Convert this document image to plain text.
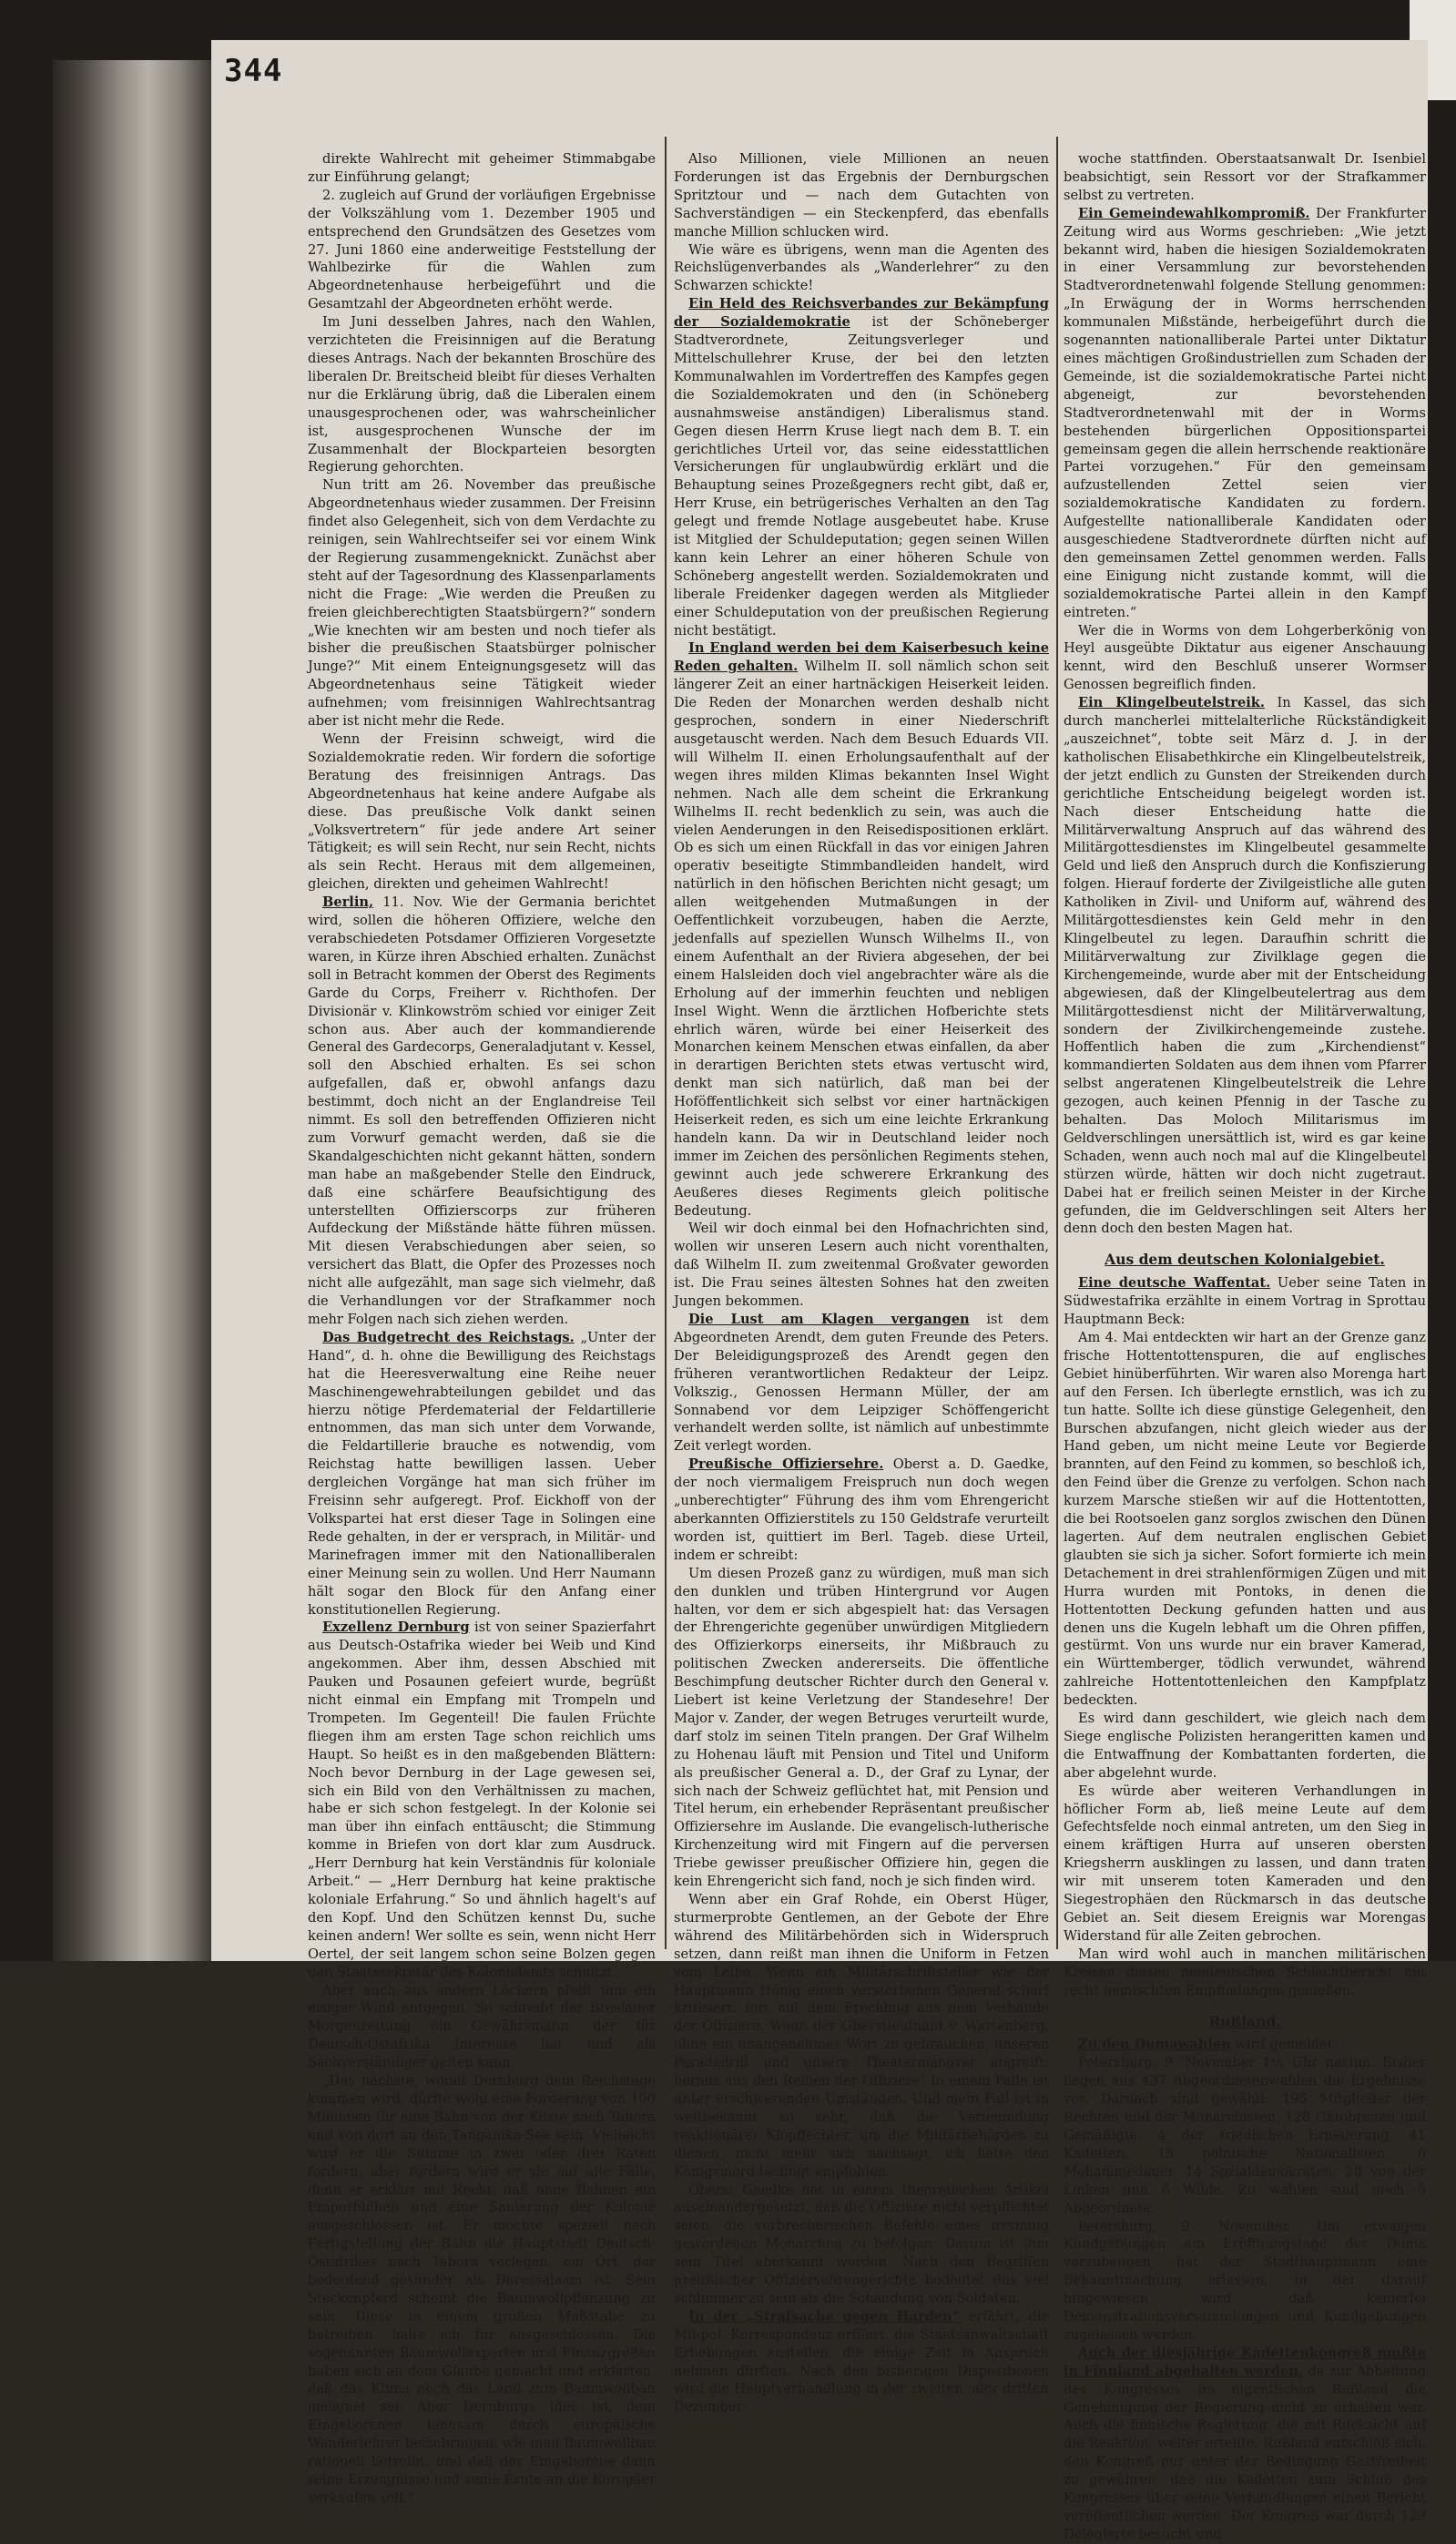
344

direkte Wahlrecht mit geheimer Stimmabgabe zur Einführung gelangt;

2. zugleich auf Grund der vorläufigen Ergebnisse der Volkszählung vom 1. Dezember 1905 und entsprechend den Grundsätzen des Gesetzes vom 27. Juni 1860 eine anderweitige Feststellung der Wahlbezirke für die Wahlen zum Abgeordnetenhause herbeigeführt und die Gesamtzahl der Abgeordneten erhöht werde.

Im Juni desselben Jahres, nach den Wahlen, verzichteten die Freisinnigen auf die Beratung dieses Antrags. Nach der bekannten Broschüre des liberalen Dr. Breitscheid bleibt für dieses Verhalten nur die Erklärung übrig, daß die Liberalen einem unausgesprochenen oder, was wahrscheinlicher ist, ausgesprochenen Wunsche der im Zusammenhalt der Blockparteien besorgten Regierung gehorchten.

Nun tritt am 26. November das preußische Abgeordnetenhaus wieder zusammen. Der Freisinn findet also Gelegenheit, sich von dem Verdachte zu reinigen, sein Wahlrechtseifer sei vor einem Wink der Regierung zusammengeknickt. Zunächst aber steht auf der Tagesordnung des Klassenparlaments nicht die Frage: „Wie werden die Preußen zu freien gleichberechtigten Staatsbürgern?“ sondern „Wie knechten wir am besten und noch tiefer als bisher die preußischen Staatsbürger polnischer Junge?“ Mit einem Enteignungsgesetz will das Abgeordnetenhaus seine Tätigkeit wieder aufnehmen; vom freisinnigen Wahlrechtsantrag aber ist nicht mehr die Rede.

Wenn der Freisinn schweigt, wird die Sozialdemokratie reden. Wir fordern die sofortige Beratung des freisinnigen Antrags. Das Abgeordnetenhaus hat keine andere Aufgabe als diese. Das preußische Volk dankt seinen „Volksvertretern“ für jede andere Art seiner Tätigkeit; es will sein Recht, nur sein Recht, nichts als sein Recht. Heraus mit dem allgemeinen, gleichen, direkten und geheimen Wahlrecht!

Berlin, 11. Nov. Wie der Germania berichtet wird, sollen die höheren Offiziere, welche den verabschiedeten Potsdamer Offizieren Vorgesetzte waren, in Kürze ihren Abschied erhalten. Zunächst soll in Betracht kommen der Oberst des Regiments Garde du Corps, Freiherr v. Richthofen. Der Divisionär v. Klinkowström schied vor einiger Zeit schon aus. Aber auch der kommandierende General des Gardecorps, Generaladjutant v. Kessel, soll den Abschied erhalten. Es sei schon aufgefallen, daß er, obwohl anfangs dazu bestimmt, doch nicht an der Englandreise Teil nimmt. Es soll den betreffenden Offizieren nicht zum Vorwurf gemacht werden, daß sie die Skandalgeschichten nicht gekannt hätten, sondern man habe an maßgebender Stelle den Eindruck, daß eine schärfere Beaufsichtigung des unterstellten Offizierscorps zur früheren Aufdeckung der Mißstände hätte führen müssen. Mit diesen Verabschiedungen aber seien, so versichert das Blatt, die Opfer des Prozesses noch nicht alle aufgezählt, man sage sich vielmehr, daß die Verhandlungen vor der Strafkammer noch mehr Folgen nach sich ziehen werden.

Das Budgetrecht des Reichstags. „Unter der Hand“, d. h. ohne die Bewilligung des Reichstags hat die Heeresverwaltung eine Reihe neuer Maschinengewehrabteilungen gebildet und das hierzu nötige Pferdematerial der Feldartillerie entnommen, das man sich unter dem Vorwande, die Feldartillerie brauche es notwendig, vom Reichstag hatte bewilligen lassen. Ueber dergleichen Vorgänge hat man sich früher im Freisinn sehr aufgeregt. Prof. Eickhoff von der Volkspartei hat erst dieser Tage in Solingen eine Rede gehalten, in der er versprach, in Militär- und Marinefragen immer mit den Nationalliberalen einer Meinung sein zu wollen. Und Herr Naumann hält sogar den Block für den Anfang einer konstitutionellen Regierung.

Exzellenz Dernburg ist von seiner Spazierfahrt aus Deutsch-Ostafrika wieder bei Weib und Kind angekommen. Aber ihm, dessen Abschied mit Pauken und Posaunen gefeiert wurde, begrüßt nicht einmal ein Empfang mit Trompeln und Trompeten. Im Gegenteil! Die faulen Früchte fliegen ihm am ersten Tage schon reichlich ums Haupt. So heißt es in den maßgebenden Blättern: Noch bevor Dernburg in der Lage gewesen sei, sich ein Bild von den Verhältnissen zu machen, habe er sich schon festgelegt. In der Kolonie sei man über ihn einfach enttäuscht; die Stimmung komme in Briefen von dort klar zum Ausdruck. „Herr Dernburg hat kein Verständnis für koloniale Arbeit.“ — „Herr Dernburg hat keine praktische koloniale Erfahrung.“ So und ähnlich hagelt's auf den Kopf. Und den Schützen kennst Du, suche keinen andern! Wer sollte es sein, wenn nicht Herr Oertel, der seit langem schon seine Bolzen gegen den Staatssekretär des Kolonialamts schnitzt.

Aber auch aus andern Löchern pfeift ihm ein eisiger Wind entgegen. So schreibt der Breslauer Morgenzeitung ein Gewährsmann, der für Deutsch-Ostafrika Interesse hat und als Sachverständiger gelten kann:

„Das nächste, womit Dernburg dem Reichstage kommen wird, dürfte wohl eine Forderung von 100 Millionen für eine Bahn von der Küste nach Tabora und von dort an den Tanganika-See sein. Vielleicht wird er die Summe in zwei oder drei Raten fordern, aber fordern wird er sie auf alle Fälle, denn er erklärt mit Recht, daß ohne Bahnen ein Emporblühen und eine Sanierung der Kolonie ausgeschlossen ist. Er möchte speziell nach Fertigstellung der Bahn die Hauptstadt Deutsch-Ostafrikas nach Tabora verlegen, ein Ort, der bedeutend gesünder als Daressalaam ist. Sein Steckenpferd scheint die Baumwollpflanzung zu sein. Diese in einem großen Maßstabe zu betreiben, halte ich für ausgeschlossen. Die sogenannten Baumwollexperten und Finanzgrößen haben sich an dem Glaube gemacht und erklärten, daß das Klima noch das Land zum Baumwollbau geeignet sei. Aber Dernburgs Idee ist, dem Eingeborenen langsam durch europäische Wanderlehrer beizubringen, wie man Baumwollbau rationell betreibt, und daß der Eingeborene dann seine Erzeugnisse und seine Ernte an die Europäer verkaufen soll.“

Also Millionen, viele Millionen an neuen Forderungen ist das Ergebnis der Dernburgschen Spritztour und — nach dem Gutachten von Sachverständigen — ein Steckenpferd, das ebenfalls manche Million schlucken wird.

Wie wäre es übrigens, wenn man die Agenten des Reichslügenverbandes als „Wanderlehrer“ zu den Schwarzen schickte!

Ein Held des Reichsverbandes zur Bekämpfung der Sozialdemokratie ist der Schöneberger Stadtverordnete, Zeitungsverleger und Mittelschullehrer Kruse, der bei den letzten Kommunalwahlen im Vordertreffen des Kampfes gegen die Sozialdemokraten und den (in Schöneberg ausnahmsweise anständigen) Liberalismus stand. Gegen diesen Herrn Kruse liegt nach dem B. T. ein gerichtliches Urteil vor, das seine eidesstattlichen Versicherungen für unglaubwürdig erklärt und die Behauptung seines Prozeßgegners recht gibt, daß er, Herr Kruse, ein betrügerisches Verhalten an den Tag gelegt und fremde Notlage ausgebeutet habe. Kruse ist Mitglied der Schuldeputation; gegen seinen Willen kann kein Lehrer an einer höheren Schule von Schöneberg angestellt werden. Sozialdemokraten und liberale Freidenker dagegen werden als Mitglieder einer Schuldeputation von der preußischen Regierung nicht bestätigt.

In England werden bei dem Kaiserbesuch keine Reden gehalten. Wilhelm II. soll nämlich schon seit längerer Zeit an einer hartnäckigen Heiserkeit leiden. Die Reden der Monarchen werden deshalb nicht gesprochen, sondern in einer Niederschrift ausgetauscht werden. Nach dem Besuch Eduards VII. will Wilhelm II. einen Erholungsaufenthalt auf der wegen ihres milden Klimas bekannten Insel Wight nehmen. Nach alle dem scheint die Erkrankung Wilhelms II. recht bedenklich zu sein, was auch die vielen Aenderungen in den Reisedispositionen erklärt. Ob es sich um einen Rückfall in das vor einigen Jahren operativ beseitigte Stimmbandleiden handelt, wird natürlich in den höfischen Berichten nicht gesagt; um allen weitgehenden Mutmaßungen in der Oeffentlichkeit vorzubeugen, haben die Aerzte, jedenfalls auf speziellen Wunsch Wilhelms II., von einem Aufenthalt an der Riviera abgesehen, der bei einem Halsleiden doch viel angebrachter wäre als die Erholung auf der immerhin feuchten und nebligen Insel Wight. Wenn die ärztlichen Hofberichte stets ehrlich wären, würde bei einer Heiserkeit des Monarchen keinem Menschen etwas einfallen, da aber in derartigen Berichten stets etwas vertuscht wird, denkt man sich natürlich, daß man bei der Hoföffentlichkeit sich selbst vor einer hartnäckigen Heiserkeit reden, es sich um eine leichte Erkrankung handeln kann. Da wir in Deutschland leider noch immer im Zeichen des persönlichen Regiments stehen, gewinnt auch jede schwerere Erkrankung des Aeußeres dieses Regiments gleich politische Bedeutung.

Weil wir doch einmal bei den Hofnachrichten sind, wollen wir unseren Lesern auch nicht vorenthalten, daß Wilhelm II. zum zweitenmal Großvater geworden ist. Die Frau seines ältesten Sohnes hat den zweiten Jungen bekommen.

Die Lust am Klagen vergangen ist dem Abgeordneten Arendt, dem guten Freunde des Peters. Der Beleidigungsprozeß des Arendt gegen den früheren verantwortlichen Redakteur der Leipz. Volkszig., Genossen Hermann Müller, der am Sonnabend vor dem Leipziger Schöffengericht verhandelt werden sollte, ist nämlich auf unbestimmte Zeit verlegt worden.

Preußische Offiziersehre. Oberst a. D. Gaedke, der noch viermaligem Freispruch nun doch wegen „unberechtigter“ Führung des ihm vom Ehrengericht aberkannten Offizierstitels zu 150 Geldstrafe verurteilt worden ist, quittiert im Berl. Tageb. diese Urteil, indem er schreibt:

Um diesen Prozeß ganz zu würdigen, muß man sich den dunklen und trüben Hintergrund vor Augen halten, vor dem er sich abgespielt hat: das Versagen der Ehrengerichte gegenüber unwürdigen Mitgliedern des Offizierkorps einerseits, ihr Mißbrauch zu politischen Zwecken andererseits. Die öffentliche Beschimpfung deutscher Richter durch den General v. Liebert ist keine Verletzung der Standesehre! Der Major v. Zander, der wegen Betruges verurteilt wurde, darf stolz im seinen Titeln prangen. Der Graf Wilhelm zu Hohenau läuft mit Pension und Titel und Uniform als preußischer General a. D., der Graf zu Lynar, der sich nach der Schweiz geflüchtet hat, mit Pension und Titel herum, ein erhebender Repräsentant preußischer Offiziersehre im Auslande. Die evangelisch-lutherische Kirchenzeitung wird mit Fingern auf die perversen Triebe gewisser preußischer Offiziere hin, gegen die kein Ehrengericht sich fand, noch je sich finden wird.

Wenn aber ein Graf Rohde, ein Oberst Hüger, sturmerprobte Gentlemen, an der Gebote der Ehre während des Militärbehörden sich in Widerspruch setzen, dann reißt man ihnen die Uniform in Fetzen vom Leibe. Wenn ein Militärschriftsteller wie der Hauptmann Hönig einen verstorbenen General scharf kritisiert: fort mit dem Frechling aus dem Verbande der Offiziere. Wenn der Oberstleutnant v. Wartenberg, ohne ein unangenehmes Wort zu gebrauchen, unseren Paradedrill und unsere Theatermanöver angreift: heraus aus den Reihen der Offiziere! In einem Falle ist unter erschwerenden Umständen. Und mein Fall ist in weltbekannt so sehr, daß die Verleumdung reaktionärer Klopffechter, um die Militärbehörden zu dienen, nicht mehr sich nachsagt, ich hätte den Königsmord bedingt empfohlen.

Oberst Gaedke hat in einem theoretischen Artikel auseinandergesetzt, daß die Offiziere nicht verpflichtet seien, die verbrecherischen Befehle eines irrsinnig gewordenen Monarchen zu befolgen. Darum ist ihm sein Titel aberkannt worden. Nach den Begriffen preußischer Offiziersehrengerichte bedeutet das viel schlimmer zu sein als die Schändung von Soldaten.

In der „Strafsache gegen Harden“ erfährt, die Mil-pol. Korrespondenz erfährt, die Staatsanwaltschaft Erhebungen anstellen, die einige Zeit in Anspruch nehmen dürften. Nach den bisherigen Dispositionen wird die Hauptverhandlung in der zweiten oder dritten Dezember-

woche stattfinden. Oberstaatsanwalt Dr. Isenbiel beabsichtigt, sein Ressort vor der Strafkammer selbst zu vertreten.

Ein Gemeindewahlkompromiß. Der Frankfurter Zeitung wird aus Worms geschrieben: „Wie jetzt bekannt wird, haben die hiesigen Sozialdemokraten in einer Versammlung zur bevorstehenden Stadtverordnetenwahl folgende Stellung genommen: „In Erwägung der in Worms herrschenden kommunalen Mißstände, herbeigeführt durch die sogenannten nationalliberale Partei unter Diktatur eines mächtigen Großindustriellen zum Schaden der Gemeinde, ist die sozialdemokratische Partei nicht abgeneigt, zur bevorstehenden Stadtverordnetenwahl mit der in Worms bestehenden bürgerlichen Oppositionspartei gemeinsam gegen die allein herrschende reaktionäre Partei vorzugehen.“ Für den gemeinsam aufzustellenden Zettel seien vier sozialdemokratische Kandidaten zu fordern. Aufgestellte nationalliberale Kandidaten oder ausgeschiedene Stadtverordnete dürften nicht auf den gemeinsamen Zettel genommen werden. Falls eine Einigung nicht zustande kommt, will die sozialdemokratische Partei allein in den Kampf eintreten.“

Wer die in Worms von dem Lohgerberkönig von Heyl ausgeübte Diktatur aus eigener Anschauung kennt, wird den Beschluß unserer Wormser Genossen begreiflich finden.

Ein Klingelbeutelstreik. In Kassel, das sich durch mancherlei mittelalterliche Rückständigkeit „auszeichnet“, tobte seit März d. J. in der katholischen Elisabethkirche ein Klingelbeutelstreik, der jetzt endlich zu Gunsten der Streikenden durch gerichtliche Entscheidung beigelegt worden ist. Nach dieser Entscheidung hatte die Militärverwaltung Anspruch auf das während des Militärgottesdienstes im Klingelbeutel gesammelte Geld und ließ den Anspruch durch die Konfiszierung folgen. Hierauf forderte der Zivilgeistliche alle guten Katholiken in Zivil- und Uniform auf, während des Militärgottesdienstes kein Geld mehr in den Klingelbeutel zu legen. Daraufhin schritt die Militärverwaltung zur Zivilklage gegen die Kirchengemeinde, wurde aber mit der Entscheidung abgewiesen, daß der Klingelbeutelertrag aus dem Militärgottesdienst nicht der Militärverwaltung, sondern der Zivilkirchengemeinde zustehe. Hoffentlich haben die zum „Kirchendienst“ kommandierten Soldaten aus dem ihnen vom Pfarrer selbst angeratenen Klingelbeutelstreik die Lehre gezogen, auch keinen Pfennig in der Tasche zu behalten. Das Moloch Militarismus im Geldverschlingen unersättlich ist, wird es gar keine Schaden, wenn auch noch mal auf die Klingelbeutel stürzen würde, hätten wir doch nicht zugetraut. Dabei hat er freilich seinen Meister in der Kirche gefunden, die im Geldverschlingen seit Alters her denn doch den besten Magen hat.

Aus dem deutschen Kolonialgebiet.

Eine deutsche Waffentat. Ueber seine Taten in Südwestafrika erzählte in einem Vortrag in Sprottau Hauptmann Beck:

Am 4. Mai entdeckten wir hart an der Grenze ganz frische Hottentottenspuren, die auf englisches Gebiet hinüberführten. Wir waren also Morenga hart auf den Fersen. Ich überlegte ernstlich, was ich zu tun hatte. Sollte ich diese günstige Gelegenheit, den Burschen abzufangen, nicht gleich wieder aus der Hand geben, um nicht meine Leute vor Begierde brannten, auf den Feind zu kommen, so beschloß ich, den Feind über die Grenze zu verfolgen. Schon nach kurzem Marsche stießen wir auf die Hottentotten, die bei Rootsoelen ganz sorglos zwischen den Dünen lagerten. Auf dem neutralen englischen Gebiet glaubten sie sich ja sicher. Sofort formierte ich mein Detachement in drei strahlenförmigen Zügen und mit Hurra wurden mit Pontoks, in denen die Hottentotten Deckung gefunden hatten und aus denen uns die Kugeln lebhaft um die Ohren pfiffen, gestürmt. Von uns wurde nur ein braver Kamerad, ein Württemberger, tödlich verwundet, während zahlreiche Hottentottenleichen den Kampfplatz bedeckten.

Es wird dann geschildert, wie gleich nach dem Siege englische Polizisten herangeritten kamen und die Entwaffnung der Kombattanten forderten, die aber abgelehnt wurde.

Es würde aber weiteren Verhandlungen in höflicher Form ab, ließ meine Leute auf dem Gefechtsfelde noch einmal antreten, um den Sieg in einem kräftigen Hurra auf unseren obersten Kriegsherrn ausklingen zu lassen, und dann traten wir mit unserem toten Kameraden und den Siegestrophäen den Rückmarsch in das deutsche Gebiet an. Seit diesem Ereignis war Morengas Widerstand für alle Zeiten gebrochen.

Man wird wohl auch in manchen militärischen Kreisen diesen neudeutschen Schlachtbericht mit recht gemischten Empfindungen genießen.

Rußland.

Zu den Dumawahlen wird gemeldet:

Petersburg, 9. November 1½ Uhr nachm. Bisher liegen aus 437 Abgeordnetenwahlen die Ergebnisse vor. Darnach sind gewählt: 195 Mitglieder der Rechten und der Monarchisten, 128 Oktobristen und Gemäßigte, 4 der friedlichen Erneuerung, 41 Kadetten, 15 polnische Nationalisten, 6 Mohammedaner, 14 Sozialdemokraten, 28 von der Linken und 6 Wilde. Zu wählen sind noch 5 Abgeordnete.

Petersburg, 9. November. Um etwaigen Kundgebungen am Eröffnungstage der Duma vorzubeugen, hat der Stadthauptmann eine Bekanntmachung erlassen, in der darauf hingewiesen wird, daß keinerlei Demonstrationsversammlungen und Kundgebungen zugelassen werden.

Auch der diesjährige Kadettenkongreß mußte in Finnland abgehalten werden, da zur Abhaltung des Kongresses im eigentlichen Rußland die Genehmigung der Regierung nicht zu erhalten war. Auch die finnische Regierung, die mit Rücksicht auf die Reaktion, weiter erteilte, Rußland entschloß sich, den Kongreß nur unter der Bedingung Gastfreiheit zu gewähren, daß die Kadetten zum Schluß des Kongresses über seine Verhandlungen einen Bericht veröffentlichen werden. Der Kongreß war durch 129 Delegierte besucht und
